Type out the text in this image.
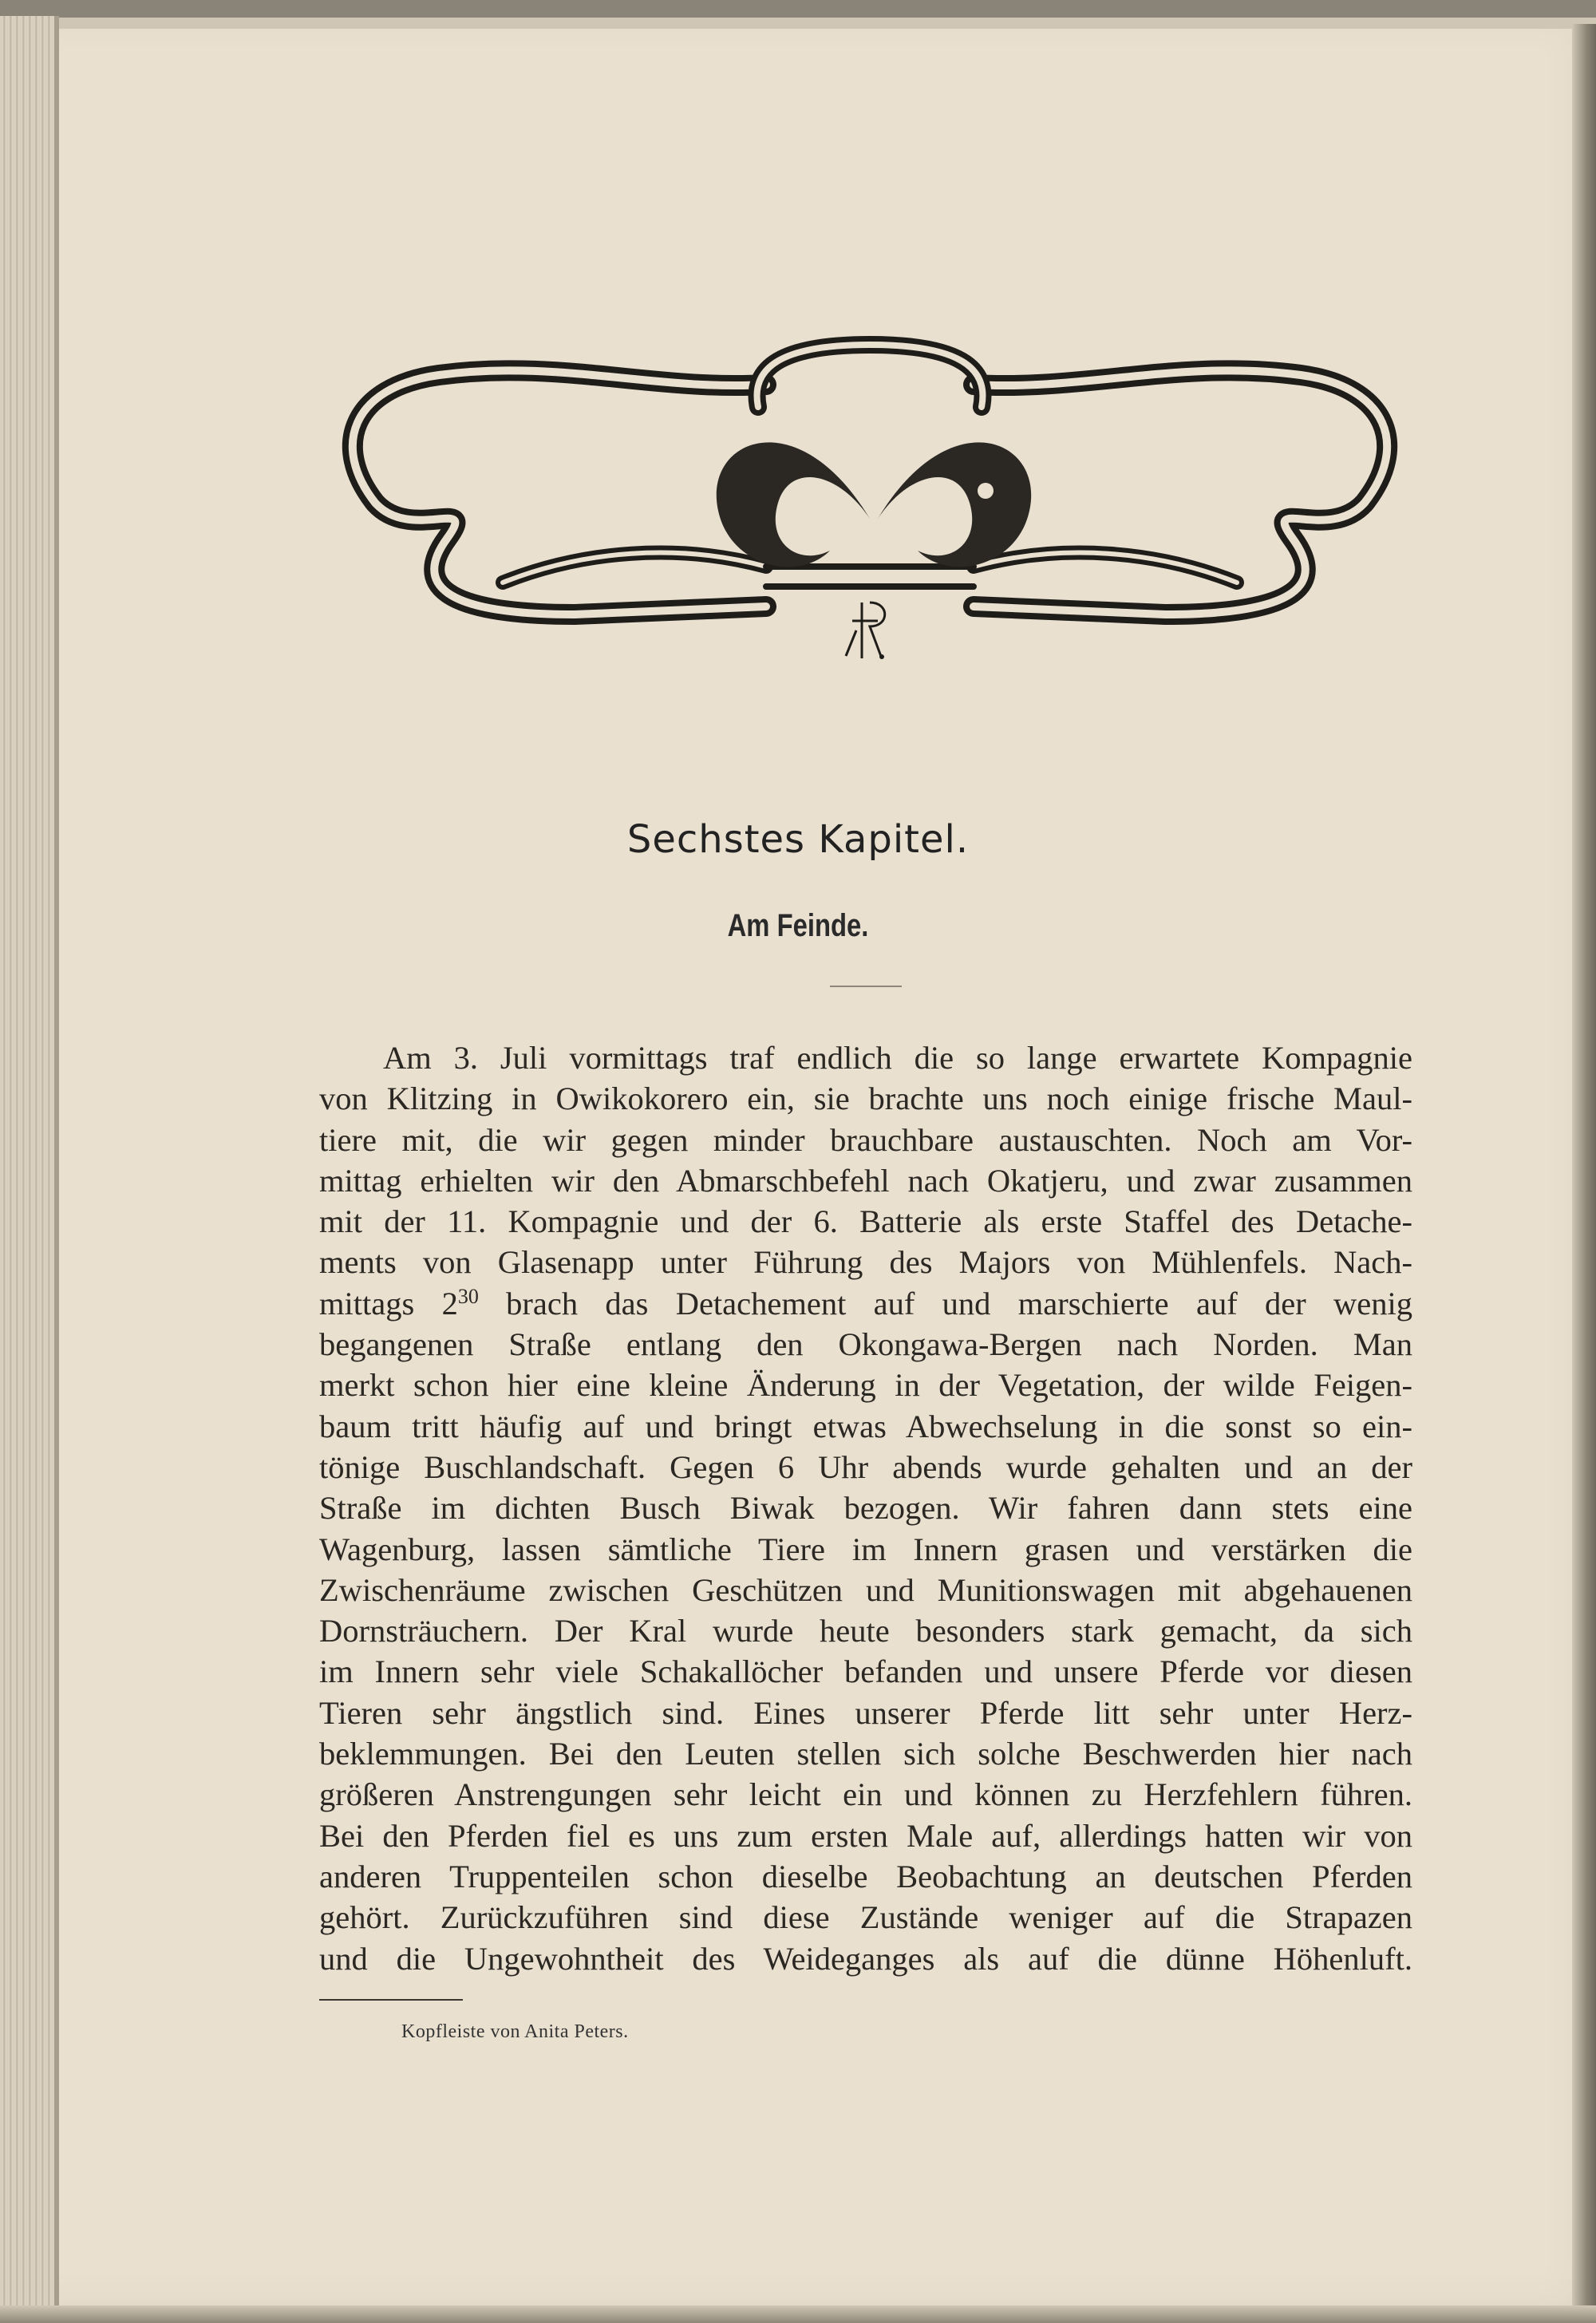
Sechstes Kapitel.
Am Feinde.
Am 3. Juli vormittags traf endlich die so lange erwartete Kompagnie
von Klitzing in Owikokorero ein, sie brachte uns noch einige frische Maul-
tiere mit, die wir gegen minder brauchbare austauschten. Noch am Vor-
mittag erhielten wir den Abmarschbefehl nach Okatjeru, und zwar zusammen
mit der 11. Kompagnie und der 6. Batterie als erste Staffel des Detache-
ments von Glasenapp unter Führung des Majors von Mühlenfels. Nach-
mittags $2^{30}$ brach das Detachement auf und marschierte auf der wenig
begangenen Straße entlang den Okongawa-Bergen nach Norden. Man
merkt schon hier eine kleine Änderung in der Vegetation, der wilde Feigen-
baum tritt häufig auf und bringt etwas Abwechselung in die sonst so ein-
tönige Buschlandschaft. Gegen 6 Uhr abends wurde gehalten und an der
Straße im dichten Busch Biwak bezogen. Wir fahren dann stets eine
Wagenburg, lassen sämtliche Tiere im Innern grasen und verstärken die
Zwischenräume zwischen Geschützen und Munitionswagen mit abgehauenen
Dornsträuchern. Der Kral wurde heute besonders stark gemacht, da sich
im Innern sehr viele Schakallöcher befanden und unsere Pferde vor diesen
Tieren sehr ängstlich sind. Eines unserer Pferde litt sehr unter Herz-
beklemmungen. Bei den Leuten stellen sich solche Beschwerden hier nach
größeren Anstrengungen sehr leicht ein und können zu Herzfehlern führen.
Bei den Pferden fiel es uns zum ersten Male auf, allerdings hatten wir von
anderen Truppenteilen schon dieselbe Beobachtung an deutschen Pferden
gehört. Zurückzuführen sind diese Zustände weniger auf die Strapazen
und die Ungewohntheit des Weideganges als auf die dünne Höhenluft.
Kopfleiste von Anita Peters.
